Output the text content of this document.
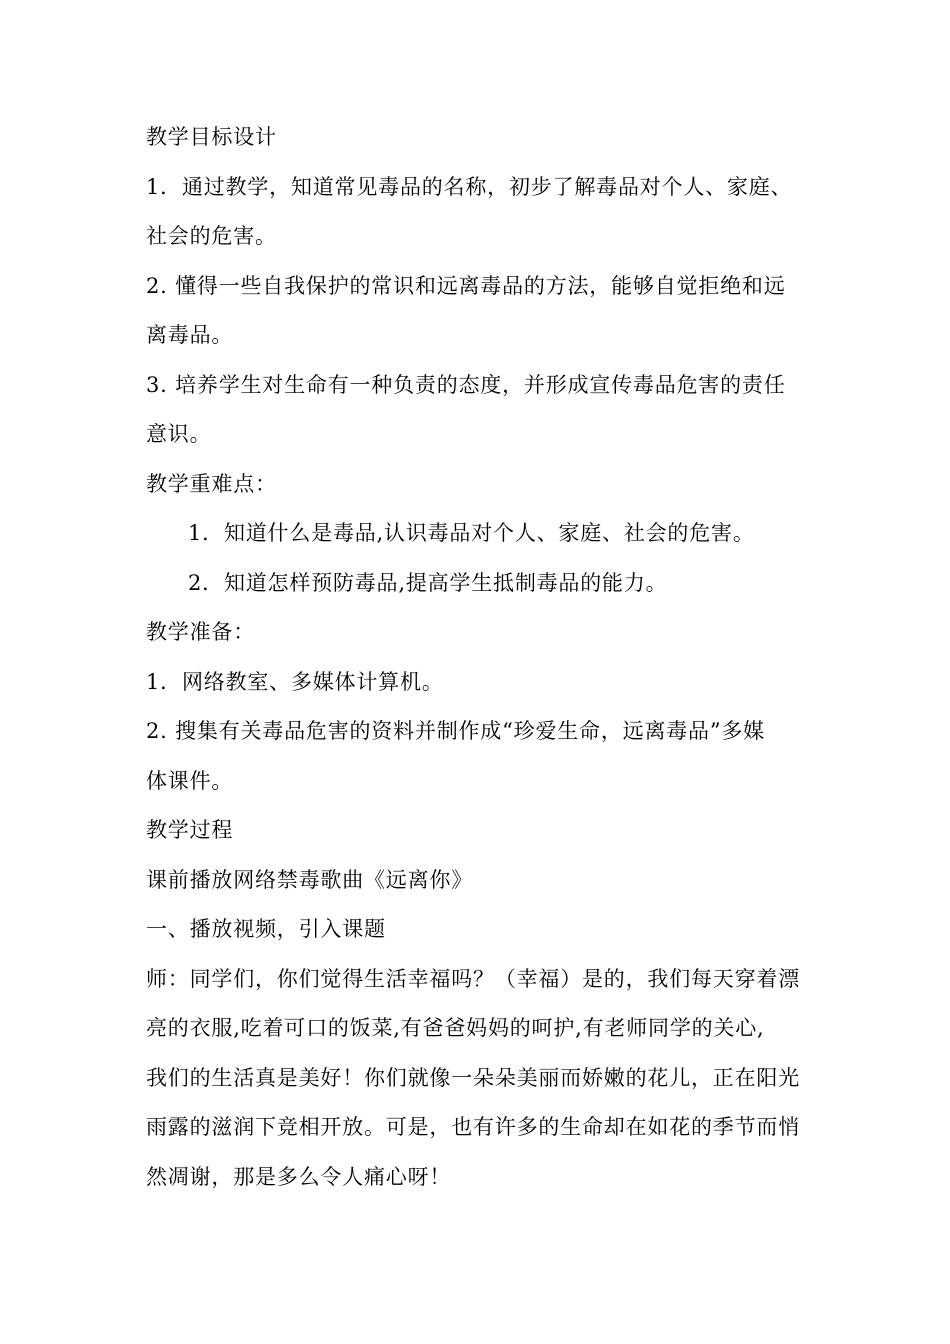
教学目标设计
1．通过教学，知道常见毒品的名称，初步了解毒品对个人、家庭、
社会的危害。
2. 懂得一些自我保护的常识和远离毒品的方法，能够自觉拒绝和远
离毒品。
3. 培养学生对生命有一种负责的态度，并形成宣传毒品危害的责任
意识。
教学重难点：
1．知道什么是毒品,认识毒品对个人、家庭、社会的危害。
2．知道怎样预防毒品,提高学生抵制毒品的能力。
教学准备：
1．网络教室、多媒体计算机。
2. 搜集有关毒品危害的资料并制作成“珍爱生命，远离毒品”多媒
体课件。
教学过程
课前播放网络禁毒歌曲《远离你》
一、播放视频，引入课题
师：同学们，你们觉得生活幸福吗？（幸福）是的，我们每天穿着漂
亮的衣服,吃着可口的饭菜,有爸爸妈妈的呵护,有老师同学的关心,
我们的生活真是美好！你们就像一朵朵美丽而娇嫩的花儿，正在阳光
雨露的滋润下竞相开放。可是，也有许多的生命却在如花的季节而悄
然凋谢，那是多么令人痛心呀！
